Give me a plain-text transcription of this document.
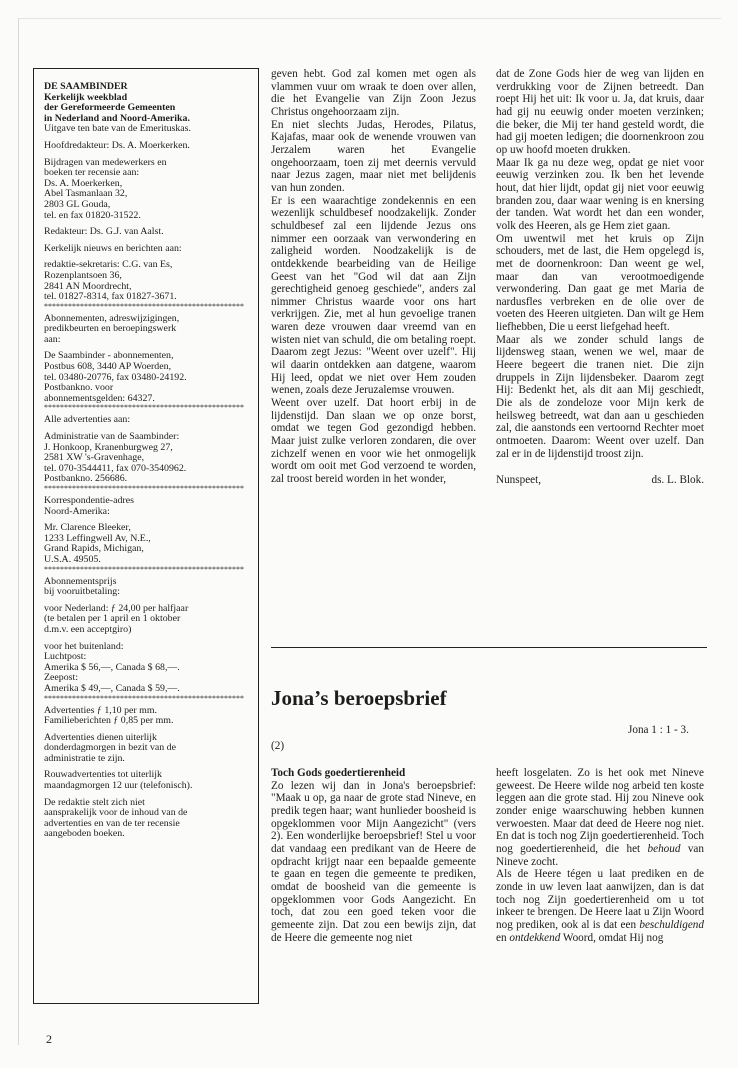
DE SAAMBINDER
Kerkelijk weekblad
der Gereformeerde Gemeenten
in Nederland and Noord-Amerika.
Uitgave ten bate van de Emerituskas.

Hoofdredakteur: Ds. A. Moerkerken.

Bijdragen van medewerkers en
boeken ter recensie aan:
Ds. A. Moerkerken,
Abel Tasmanlaan 32,
2803 GL Gouda,
tel. en fax 01820-31522.

Redakteur: Ds. G.J. van Aalst.

Kerkelijk nieuws en berichten aan:

redaktie-sekretaris: C.G. van Es,
Rozenplantsoen 36,
2841 AN Moordrecht,
tel. 01827-8314, fax 01827-3671.

**************************************************

Abonnementen, adreswijzigingen,
predikbeurten en beroepingswerk
aan:

De Saambinder - abonnementen,
Postbus 608, 3440 AP Woerden,
tel. 03480-20776, fax 03480-24192.
Postbankno. voor
abonnementsgelden: 64327.

**************************************************

Alle advertenties aan:

Administratie van de Saambinder:
J. Honkoop, Kranenburgweg 27,
2581 XW 's-Gravenhage,
tel. 070-3544411, fax 070-3540962.
Postbankno. 256686.

**************************************************

Korrespondentie-adres
Noord-Amerika:

Mr. Clarence Bleeker,
1233 Leffingwell Av, N.E.,
Grand Rapids, Michigan,
U.S.A. 49505.

**************************************************

Abonnementsprijs
bij vooruitbetaling:

voor Nederland: ƒ 24,00 per halfjaar
(te betalen per 1 april en 1 oktober
d.m.v. een acceptgiro)

voor het buitenland:
Luchtpost:
Amerika $ 56,—, Canada $ 68,—.
Zeepost:
Amerika $ 49,—, Canada $ 59,—.

**************************************************

Advertenties ƒ 1,10 per mm.
Familieberichten ƒ 0,85 per mm.

Advertenties dienen uiterlijk
donderdagmorgen in bezit van de
administratie te zijn.

Rouwadvertenties tot uiterlijk
maandagmorgen 12 uur (telefonisch).

De redaktie stelt zich niet
aansprakelijk voor de inhoud van de
advertenties en van de ter recensie
aangeboden boeken.

geven hebt. God zal komen met ogen als vlammen vuur om wraak te doen over allen, die het Evangelie van Zijn Zoon Jezus Christus ongehoorzaam zijn.

En niet slechts Judas, Herodes, Pilatus, Kajafas, maar ook de wenende vrouwen van Jerzalem waren het Evangelie ongehoorzaam, toen zij met deernis vervuld naar Jezus zagen, maar niet met belijdenis van hun zonden.

Er is een waarachtige zondekennis en een wezenlijk schuldbesef noodzakelijk. Zonder schuldbesef zal een lijdende Jezus ons nimmer een oorzaak van verwondering en zaligheid worden. Noodzakelijk is de ontdekkende bearbeiding van de Heilige Geest van het "God wil dat aan Zijn gerechtigheid genoeg geschiede", anders zal nimmer Christus waarde voor ons hart verkrijgen. Zie, met al hun gevoelige tranen waren deze vrouwen daar vreemd van en wisten niet van schuld, die om betaling roept. Daarom zegt Jezus: "Weent over uzelf". Hij wil daarin ontdekken aan datgene, waarom Hij leed, opdat we niet over Hem zouden wenen, zoals deze Jeruzalemse vrouwen.

Weent over uzelf. Dat hoort erbij in de lijdenstijd. Dan slaan we op onze borst, omdat we tegen God gezondigd hebben. Maar juist zulke verloren zondaren, die over zichzelf wenen en voor wie het onmogelijk wordt om ooit met God verzoend te worden, zal troost bereid worden in het wonder,

dat de Zone Gods hier de weg van lijden en verdrukking voor de Zijnen betreedt. Dan roept Hij het uit: Ik voor u. Ja, dat kruis, daar had gij nu eeuwig onder moeten verzinken; die beker, die Mij ter hand gesteld wordt, die had gij moeten ledigen; die doornenkroon zou op uw hoofd moeten drukken.

Maar Ik ga nu deze weg, opdat ge niet voor eeuwig verzinken zou. Ik ben het levende hout, dat hier lijdt, opdat gij niet voor eeuwig branden zou, daar waar wening is en knersing der tanden. Wat wordt het dan een wonder, volk des Heeren, als ge Hem ziet gaan.

Om uwentwil met het kruis op Zijn schouders, met de last, die Hem opgelegd is, met de doornenkroon: Dan weent ge wel, maar dan van verootmoedigende verwondering. Dan gaat ge met Maria de nardusfles verbreken en de olie over de voeten des Heeren uitgieten. Dan wilt ge Hem liefhebben, Die u eerst liefgehad heeft.

Maar als we zonder schuld langs de lijdensweg staan, wenen we wel, maar de Heere begeert die tranen niet. Die zijn druppels in Zijn lijdensbeker. Daarom zegt Hij: Bedenkt het, als dit aan Mij geschiedt, Die als de zondeloze voor Mijn kerk de heilsweg betreedt, wat dan aan u geschieden zal, die aanstonds een vertoornd Rechter moet ontmoeten. Daarom: Weent over uzelf. Dan zal er in de lijdenstijd troost zijn.

Nunspeet,	ds. L. Blok.
Jona’s beroepsbrief
Jona 1 : 1 - 3.
(2)

Toch Gods goedertierenheid

Zo lezen wij dan in Jona's beroepsbrief: "Maak u op, ga naar de grote stad Nineve, en predik tegen haar; want hunlieder boosheid is opgeklommen voor Mijn Aangezicht" (vers 2). Een wonderlijke beroepsbrief! Stel u voor dat vandaag een predikant van de Heere de opdracht krijgt naar een bepaalde gemeente te gaan en tegen die gemeente te prediken, omdat de boosheid van die gemeente is opgeklommen voor Gods Aangezicht. En toch, dat zou een goed teken voor die gemeente zijn. Dat zou een bewijs zijn, dat de Heere die gemeente nog niet

heeft losgelaten. Zo is het ook met Nineve geweest. De Heere wilde nog arbeid ten koste leggen aan die grote stad. Hij zou Nineve ook zonder enige waarschuwing hebben kunnen verwoesten. Maar dat deed de Heere nog niet. En dat is toch nog Zijn goedertierenheid. Toch nog goedertierenheid, die het behoud van Nineve zocht.

Als de Heere tégen u laat prediken en de zonde in uw leven laat aanwijzen, dan is dat toch nog Zijn goedertierenheid om u tot inkeer te brengen. De Heere laat u Zijn Woord nog prediken, ook al is dat een beschuldigend en ontdekkend Woord, omdat Hij nog

2
